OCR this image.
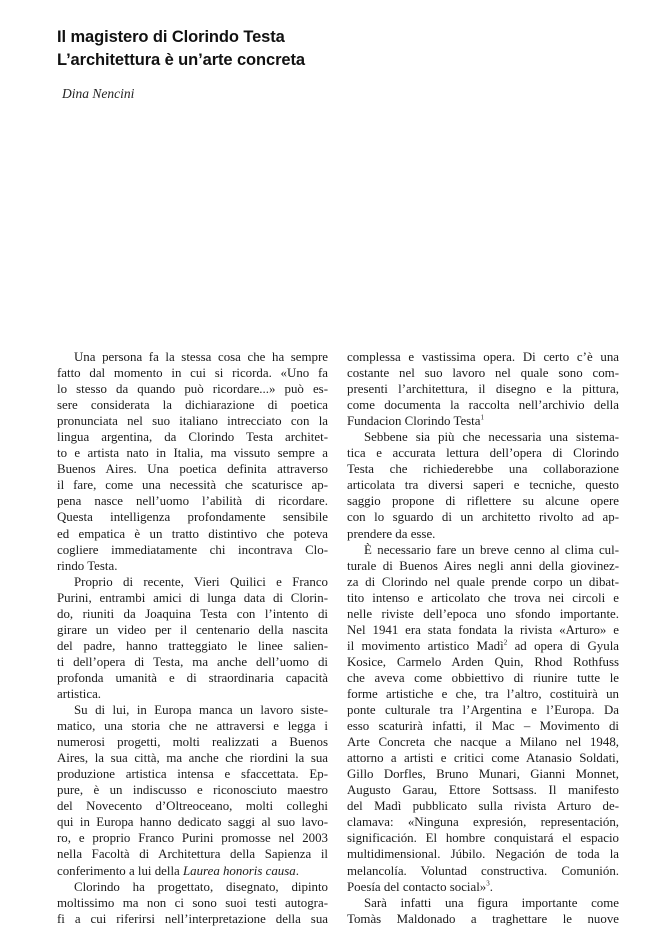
Il magistero di Clorindo Testa
L’architettura è un’arte concreta
Dina Nencini
Una persona fa la stessa cosa che ha sempre
fatto dal momento in cui si ricorda. «Uno fa
lo stesso da quando può ricordare...» può es-
sere considerata la dichiarazione di poetica
pronunciata nel suo italiano intrecciato con la
lingua argentina, da Clorindo Testa architet-
to e artista nato in Italia, ma vissuto sempre a
Buenos Aires. Una poetica definita attraverso
il fare, come una necessità che scaturisce ap-
pena nasce nell’uomo l’abilità di ricordare.
Questa intelligenza profondamente sensibile
ed empatica è un tratto distintivo che poteva
cogliere immediatamente chi incontrava Clo-
rindo Testa.
Proprio di recente, Vieri Quilici e Franco
Purini, entrambi amici di lunga data di Clorin-
do, riuniti da Joaquina Testa con l’intento di
girare un video per il centenario della nascita
del padre, hanno tratteggiato le linee salien-
ti dell’opera di Testa, ma anche dell’uomo di
profonda umanità e di straordinaria capacità
artistica.
Su di lui, in Europa manca un lavoro siste-
matico, una storia che ne attraversi e legga i
numerosi progetti, molti realizzati a Buenos
Aires, la sua città, ma anche che riordini la sua
produzione artistica intensa e sfaccettata. Ep-
pure, è un indiscusso e riconosciuto maestro
del Novecento d’Oltreoceano, molti colleghi
qui in Europa hanno dedicato saggi al suo lavo-
ro, e proprio Franco Purini promosse nel 2003
nella Facoltà di Architettura della Sapienza il
conferimento a lui della Laurea honoris causa.
Clorindo ha progettato, disegnato, dipinto
moltissimo ma non ci sono suoi testi autogra-
fi a cui riferirsi nell’interpretazione della sua
complessa e vastissima opera. Di certo c’è una
costante nel suo lavoro nel quale sono com-
presenti l’architettura, il disegno e la pittura,
come documenta la raccolta nell’archivio della
Fundacion Clorindo Testa$^1$
Sebbene sia più che necessaria una sistema-
tica e accurata lettura dell’opera di Clorindo
Testa che richiederebbe una collaborazione
articolata tra diversi saperi e tecniche, questo
saggio propone di riflettere su alcune opere
con lo sguardo di un architetto rivolto ad ap-
prendere da esse.
È necessario fare un breve cenno al clima cul-
turale di Buenos Aires negli anni della giovinez-
za di Clorindo nel quale prende corpo un dibat-
tito intenso e articolato che trova nei circoli e
nelle riviste dell’epoca uno sfondo importante.
Nel 1941 era stata fondata la rivista «Arturo» e
il movimento artistico Madì$^2$ ad opera di Gyula
Kosice, Carmelo Arden Quin, Rhod Rothfuss
che aveva come obbiettivo di riunire tutte le
forme artistiche e che, tra l’altro, costituirà un
ponte culturale tra l’Argentina e l’Europa. Da
esso scaturirà infatti, il Mac – Movimento di
Arte Concreta che nacque a Milano nel 1948,
attorno a artisti e critici come Atanasio Soldati,
Gillo Dorfles, Bruno Munari, Gianni Monnet,
Augusto Garau, Ettore Sottsass. Il manifesto
del Madì pubblicato sulla rivista Arturo de-
clamava: «Ninguna expresión, representación,
significación. El hombre conquistará el espacio
multidimensional. Júbilo. Negación de toda la
melancolía. Voluntad constructiva. Comunión.
Poesía del contacto social»$^3$.
Sarà infatti una figura importante come
Tomàs Maldonado a traghettare le nuove
